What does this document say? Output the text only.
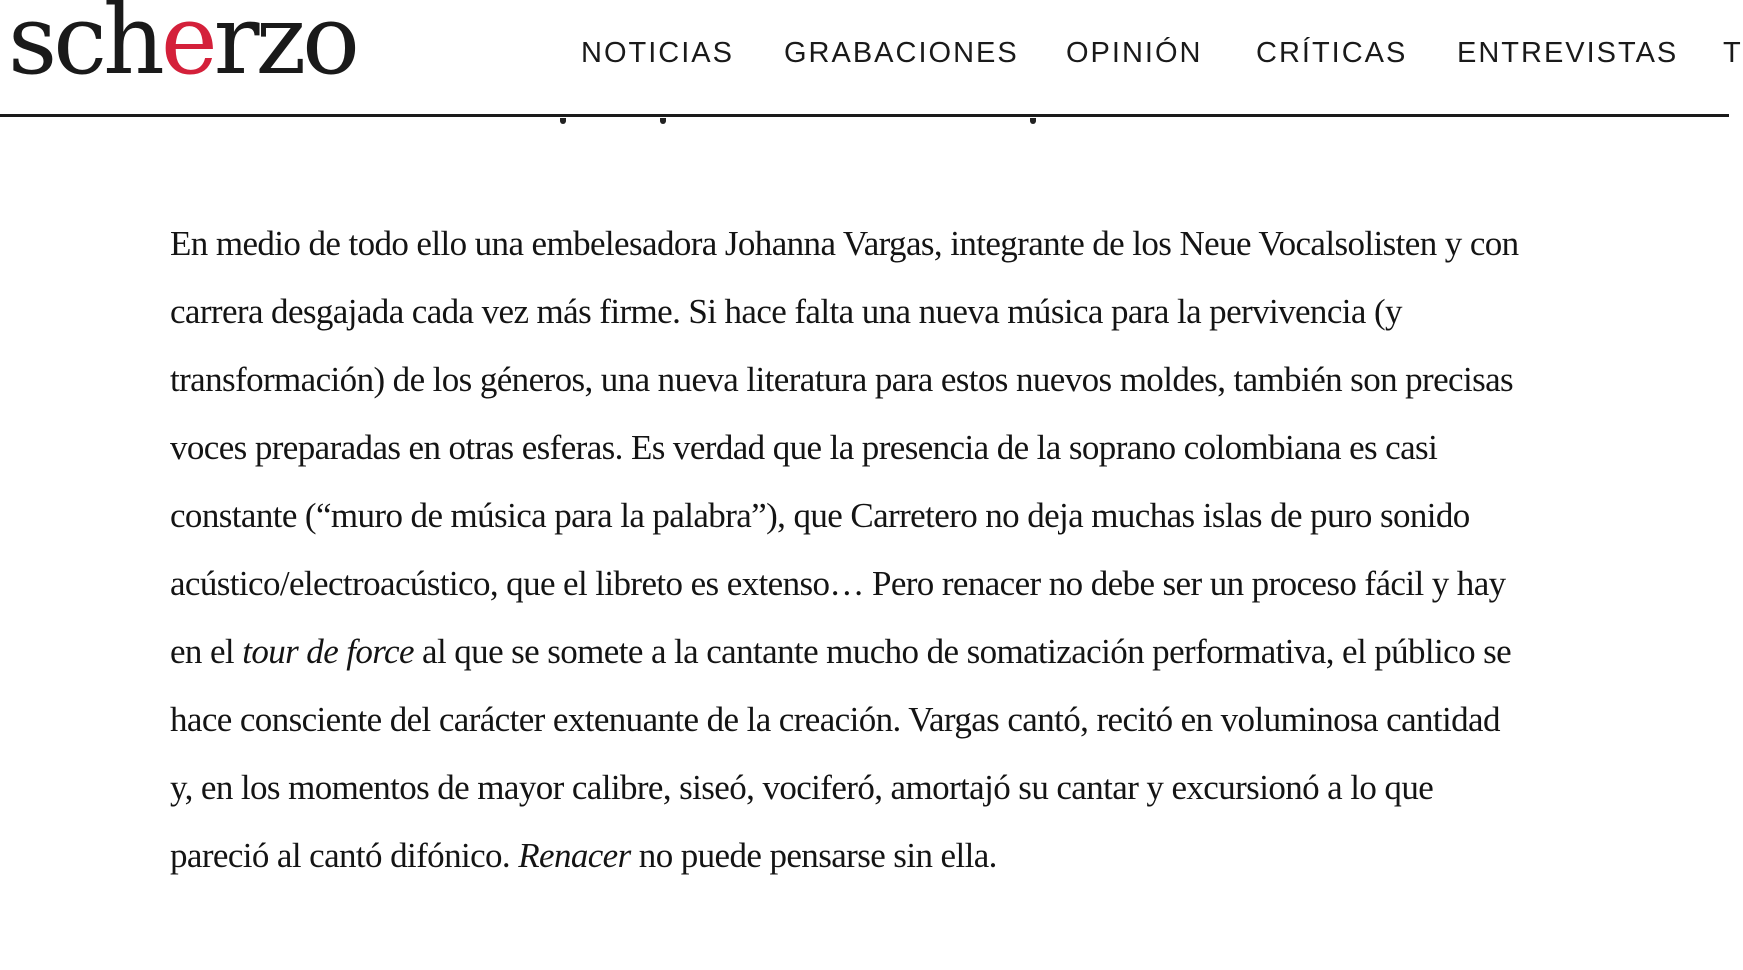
scherzo	NOTICIAS GRABACIONES OPINIÓN CRÍTICAS ENTREVISTAS T

En medio de todo ello una embelesadora Johanna Vargas, integrante de los Neue Vocalsolisten y con

carrera desgajada cada vez más firme. Si hace falta una nueva música para la pervivencia (y

transformación) de los géneros, una nueva literatura para estos nuevos moldes, también son precisas

voces preparadas en otras esferas. Es verdad que la presencia de la soprano colombiana es casi

constante (“muro de música para la palabra”), que Carretero no deja muchas islas de puro sonido

acústico/electroacústico, que el libreto es extenso… Pero renacer no debe ser un proceso fácil y hay

en el tour de force al que se somete a la cantante mucho de somatización performativa, el público se

hace consciente del carácter extenuante de la creación. Vargas cantó, recitó en voluminosa cantidad

y, en los momentos de mayor calibre, siseó, vociferó, amortajó su cantar y excursionó a lo que

pareció al cantó difónico. Renacer no puede pensarse sin ella.
